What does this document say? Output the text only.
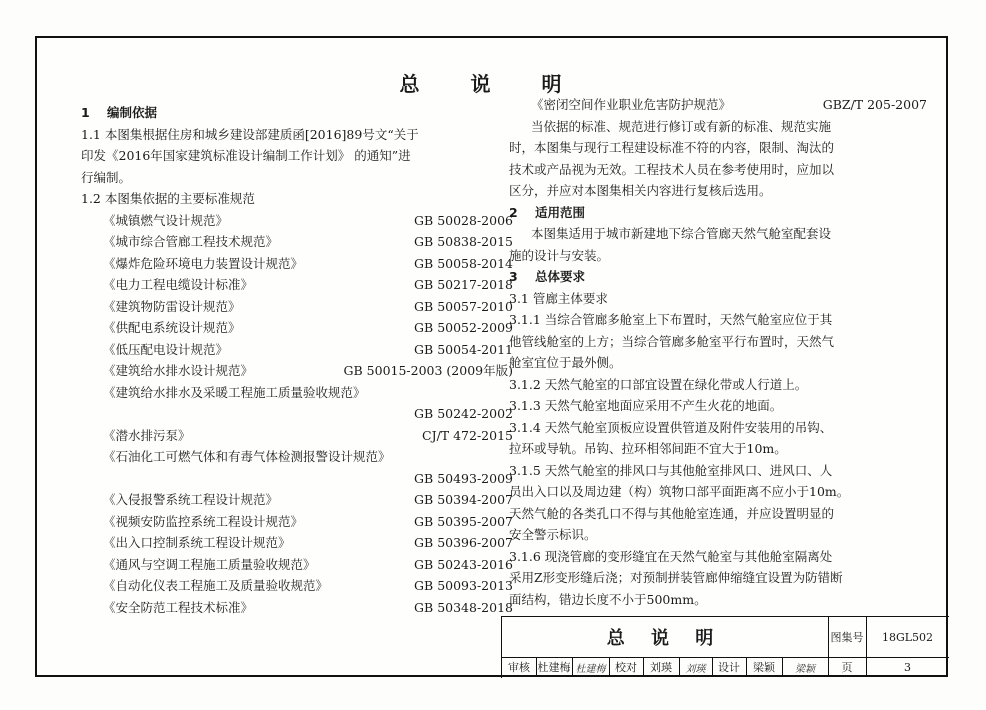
总 说 明
1 编制依据
1.1 本图集根据住房和城乡建设部建质函[2016]89号文“关于
印发《2016年国家建筑标准设计编制工作计划》 的通知”进
行编制。
1.2 本图集依据的主要标准规范
《城镇燃气设计规范》	GB 50028-2006
《城市综合管廊工程技术规范》	GB 50838-2015
《爆炸危险环境电力装置设计规范》	GB 50058-2014
《电力工程电缆设计标准》	GB 50217-2018
《建筑物防雷设计规范》	GB 50057-2010
《供配电系统设计规范》	GB 50052-2009
《低压配电设计规范》	GB 50054-2011
《建筑给水排水设计规范》	GB 50015-2003 (2009年版)
《建筑给水排水及采暖工程施工质量验收规范》
GB 50242-2002
《潜水排污泵》	CJ/T 472-2015
《石油化工可燃气体和有毒气体检测报警设计规范》
GB 50493-2009
《入侵报警系统工程设计规范》	GB 50394-2007
《视频安防监控系统工程设计规范》	GB 50395-2007
《出入口控制系统工程设计规范》	GB 50396-2007
《通风与空调工程施工质量验收规范》	GB 50243-2016
《自动化仪表工程施工及质量验收规范》	GB 50093-2013
《安全防范工程技术标准》	GB 50348-2018
《密闭空间作业职业危害防护规范》	GBZ/T 205-2007
当依据的标准、规范进行修订或有新的标准、规范实施
时，本图集与现行工程建设标准不符的内容，限制、淘汰的
技术或产品视为无效。工程技术人员在参考使用时，应加以
区分，并应对本图集相关内容进行复核后选用。
2 适用范围
本图集适用于城市新建地下综合管廊天然气舱室配套设
施的设计与安装。
3 总体要求
3.1 管廊主体要求
3.1.1 当综合管廊多舱室上下布置时，天然气舱室应位于其
他管线舱室的上方；当综合管廊多舱室平行布置时，天然气
舱室宜位于最外侧。
3.1.2 天然气舱室的口部宜设置在绿化带或人行道上。
3.1.3 天然气舱室地面应采用不产生火花的地面。
3.1.4 天然气舱室顶板应设置供管道及附件安装用的吊钩、
拉环或导轨。吊钩、拉环相邻间距不宜大于10m。
3.1.5 天然气舱室的排风口与其他舱室排风口、进风口、人
员出入口以及周边建（构）筑物口部平面距离不应小于10m。
天然气舱的各类孔口不得与其他舱室连通，并应设置明显的
安全警示标识。
3.1.6 现浇管廊的变形缝宜在天然气舱室与其他舱室隔离处
采用Z形变形缝后浇；对预制拼装管廊伸缩缝宜设置为防错断
面结构，错边长度不小于500mm。
总 说 明	图集号	18GL502
审核 杜建梅 杜建梅 校对	刘瑛	刘瑛	设计	梁颖	梁颖	页	3
